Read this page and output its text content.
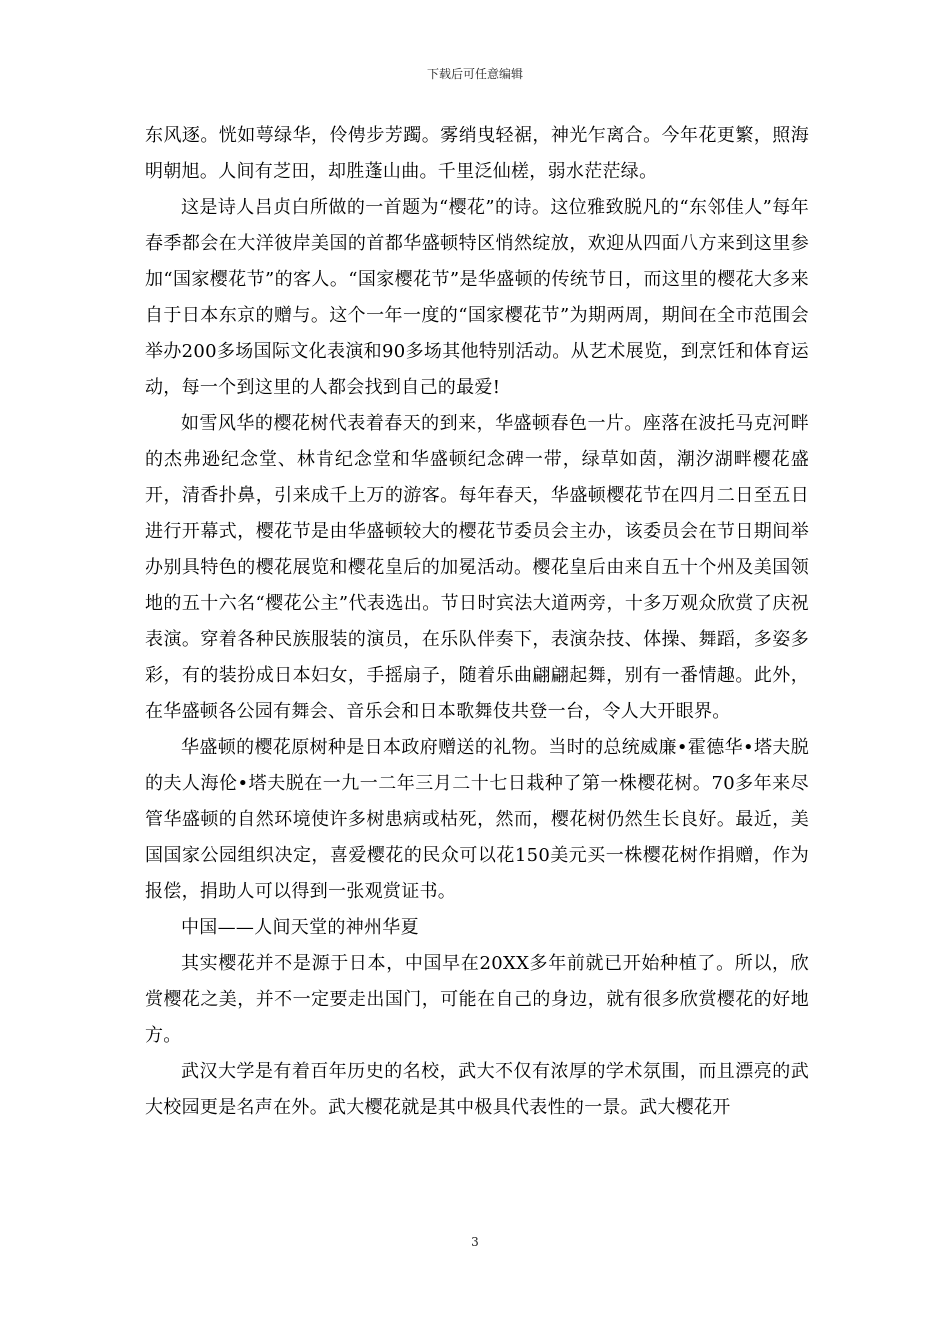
下载后可任意编辑

东风逐。恍如萼绿华，伶俜步芳躅。雾绡曳轻裾，神光乍离合。今年花更繁，照海明朝旭。人间有芝田，却胜蓬山曲。千里泛仙槎，弱水茫茫绿。

这是诗人吕贞白所做的一首题为“樱花”的诗。这位雅致脱凡的“东邻佳人”每年春季都会在大洋彼岸美国的首都华盛顿特区悄然绽放，欢迎从四面八方来到这里参加“国家樱花节”的客人。“国家樱花节”是华盛顿的传统节日，而这里的樱花大多来自于日本东京的赠与。这个一年一度的“国家樱花节”为期两周，期间在全市范围会举办200多场国际文化表演和90多场其他特别活动。从艺术展览，到烹饪和体育运动，每一个到这里的人都会找到自己的最爱!

如雪风华的樱花树代表着春天的到来，华盛顿春色一片。座落在波托马克河畔的杰弗逊纪念堂、林肯纪念堂和华盛顿纪念碑一带，绿草如茵，潮汐湖畔樱花盛开，清香扑鼻，引来成千上万的游客。每年春天，华盛顿樱花节在四月二日至五日进行开幕式，樱花节是由华盛顿较大的樱花节委员会主办，该委员会在节日期间举办别具特色的樱花展览和樱花皇后的加冕活动。樱花皇后由来自五十个州及美国领地的五十六名“樱花公主”代表选出。节日时宾法大道两旁，十多万观众欣赏了庆祝表演。穿着各种民族服装的演员，在乐队伴奏下，表演杂技、体操、舞蹈，多姿多彩，有的装扮成日本妇女，手摇扇子，随着乐曲翩翩起舞，别有一番情趣。此外，在华盛顿各公园有舞会、音乐会和日本歌舞伎共登一台，令人大开眼界。

华盛顿的樱花原树种是日本政府赠送的礼物。当时的总统威廉•霍德华•塔夫脱的夫人海伦•塔夫脱在一九一二年三月二十七日栽种了第一株樱花树。70多年来尽管华盛顿的自然环境使许多树患病或枯死，然而，樱花树仍然生长良好。最近，美国国家公园组织决定，喜爱樱花的民众可以花150美元买一株樱花树作捐赠，作为报偿，捐助人可以得到一张观赏证书。

中国——人间天堂的神州华夏

其实樱花并不是源于日本，中国早在20XX多年前就已开始种植了。所以，欣赏樱花之美，并不一定要走出国门，可能在自己的身边，就有很多欣赏樱花的好地方。

武汉大学是有着百年历史的名校，武大不仅有浓厚的学术氛围，而且漂亮的武大校园更是名声在外。武大樱花就是其中极具代表性的一景。武大樱花开

3
